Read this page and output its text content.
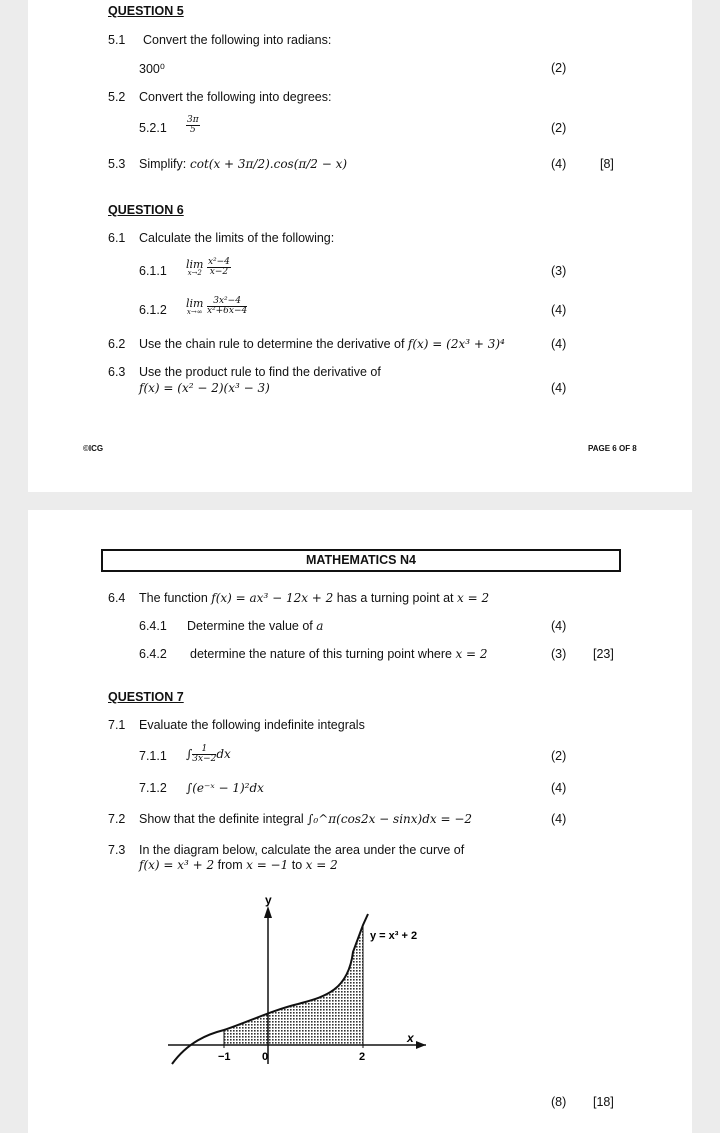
QUESTION 5
5.1 Convert the following into radians:
300⁰	(2)
5.2 Convert the following into degrees:
$5.2.1 \frac{3\pi}{5}$	(2)
5.3 Simplify: cot(x + 3π/2).cos(π/2 − x)	(4)	[8]
QUESTION 6
6.1 Calculate the limits of the following:
6.1.1 lim
x→2
$\frac{\text{x²−4}}{x-2}$	(3)
6.1.2 lim
x→∞
$\frac{\text{3x²−4}}{\text{x²+6x−4}}$	(4)
6.2 Use the chain rule to determine the derivative of f(x) = (2x³ + 3)⁴	(4)
6.3 Use the product rule to find the derivative of
f(x) = (x² − 2)(x³ − 3)	(4)
©ICG	PAGE 6 OF 8
MATHEMATICS N4
6.4 The function f(x) = ax³ − 12x + 2 has a turning point at x = 2
6.4.1 Determine the value of a	(4)
6.4.2 determine the nature of this turning point where x = 2	(3) [23]
QUESTION 7
7.1 Evaluate the following indefinite integrals
7.1.1 ∫ $\frac{1}{3x-2}$ dx	(2)
7.1.2 ∫(e⁻ˣ − 1)²dx	(4)
7.2 Show that the definite integral ∫₀^π(cos2x − sinx)dx = −2	(4)
7.3 In the diagram below, calculate the area under the curve of
f(x) = x³ + 2 from x = −1 to x = 2
y
x
y = x³ + 2
−1	0	2
(8) [18]
